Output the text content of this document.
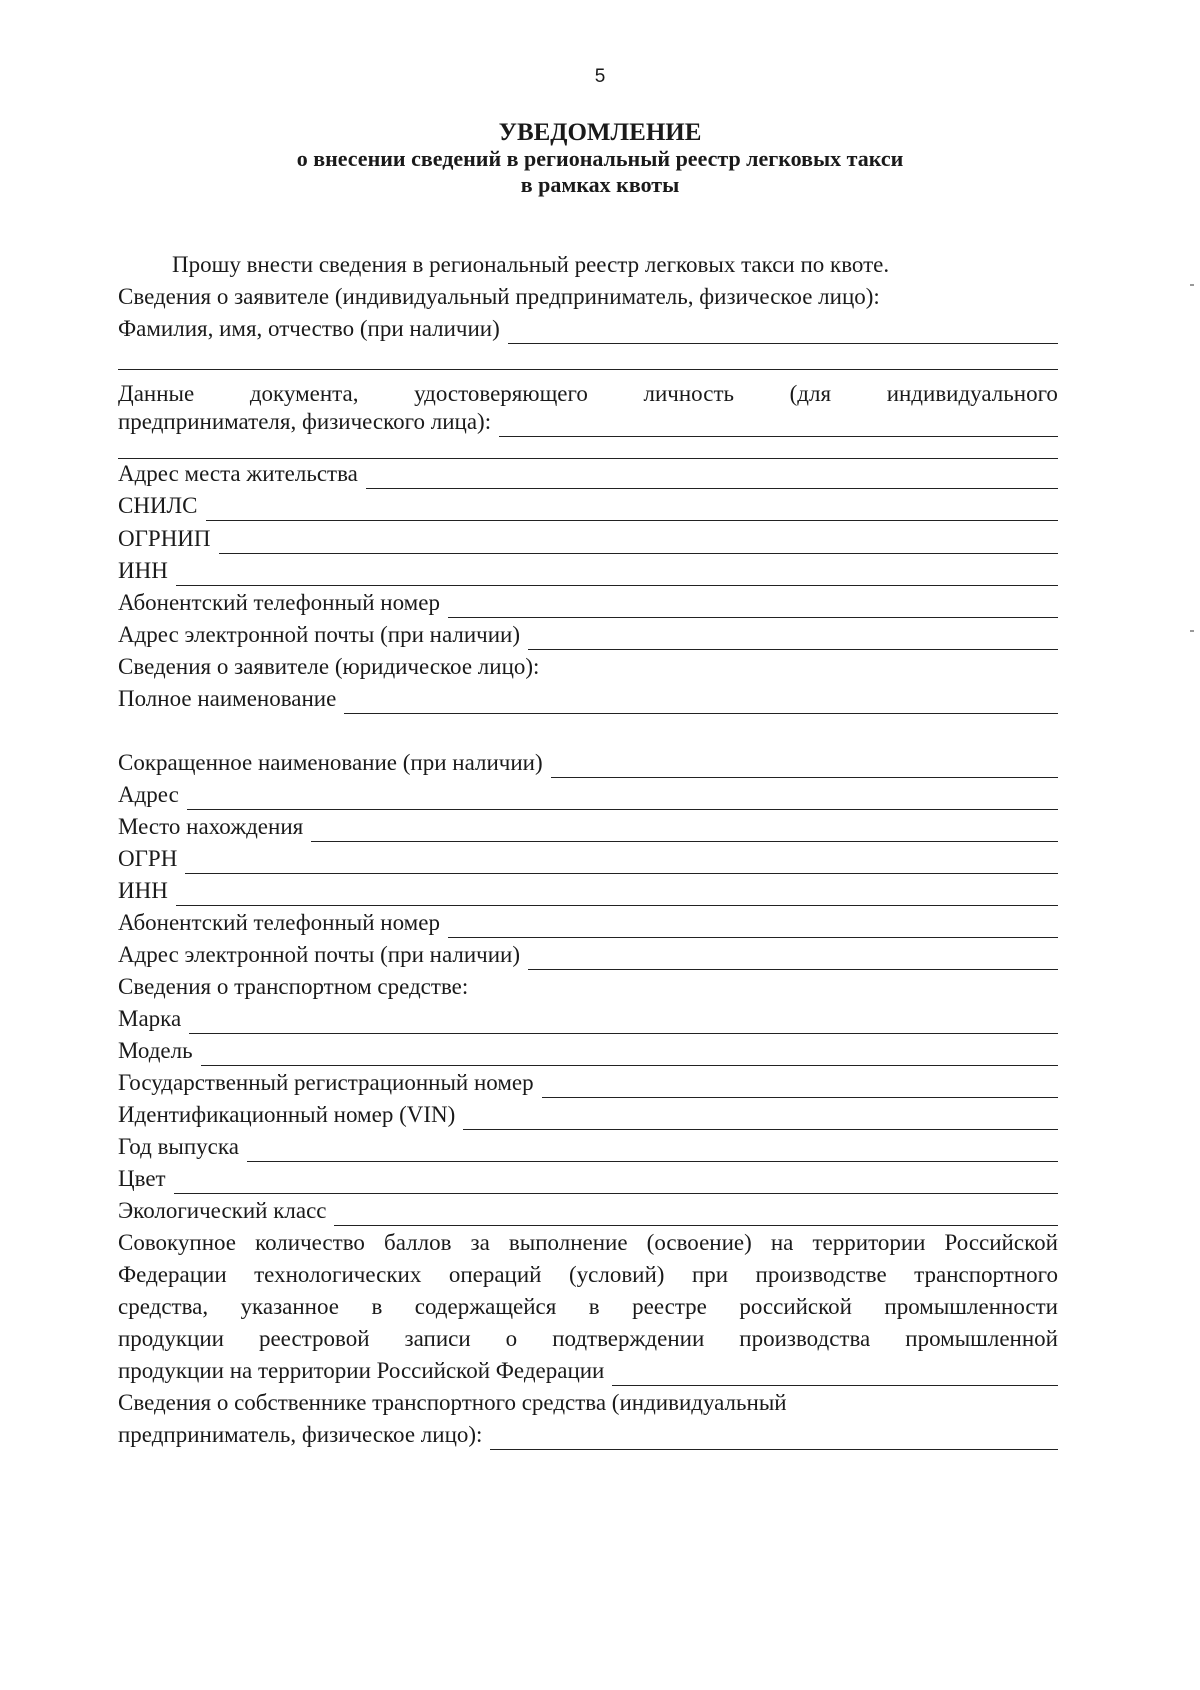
5
УВЕДОМЛЕНИЕ
о внесении сведений в региональный реестр легковых такси
в рамках квоты
Прошу внести сведения в региональный реестр легковых такси по квоте.
Сведения о заявителе (индивидуальный предприниматель, физическое лицо):
Фамилия, имя, отчество (при наличии)
Данные документа, удостоверяющего личность (для индивидуального
предпринимателя, физического лица):
Адрес места жительства
СНИЛС
ОГРНИП
ИНН
Абонентский телефонный номер
Адрес электронной почты (при наличии)
Сведения о заявителе (юридическое лицо):
Полное наименование
Сокращенное наименование (при наличии)
Адрес
Место нахождения
ОГРН
ИНН
Абонентский телефонный номер
Адрес электронной почты (при наличии)
Сведения о транспортном средстве:
Марка
Модель
Государственный регистрационный номер
Идентификационный номер (VIN)
Год выпуска
Цвет
Экологический класс
Совокупное количество баллов за выполнение (освоение) на территории Российской
Федерации технологических операций (условий) при производстве транспортного
средства, указанное в содержащейся в реестре российской промышленности
продукции реестровой записи о подтверждении производства промышленной
продукции на территории Российской Федерации
Сведения о собственнике транспортного средства (индивидуальный
предприниматель, физическое лицо):
